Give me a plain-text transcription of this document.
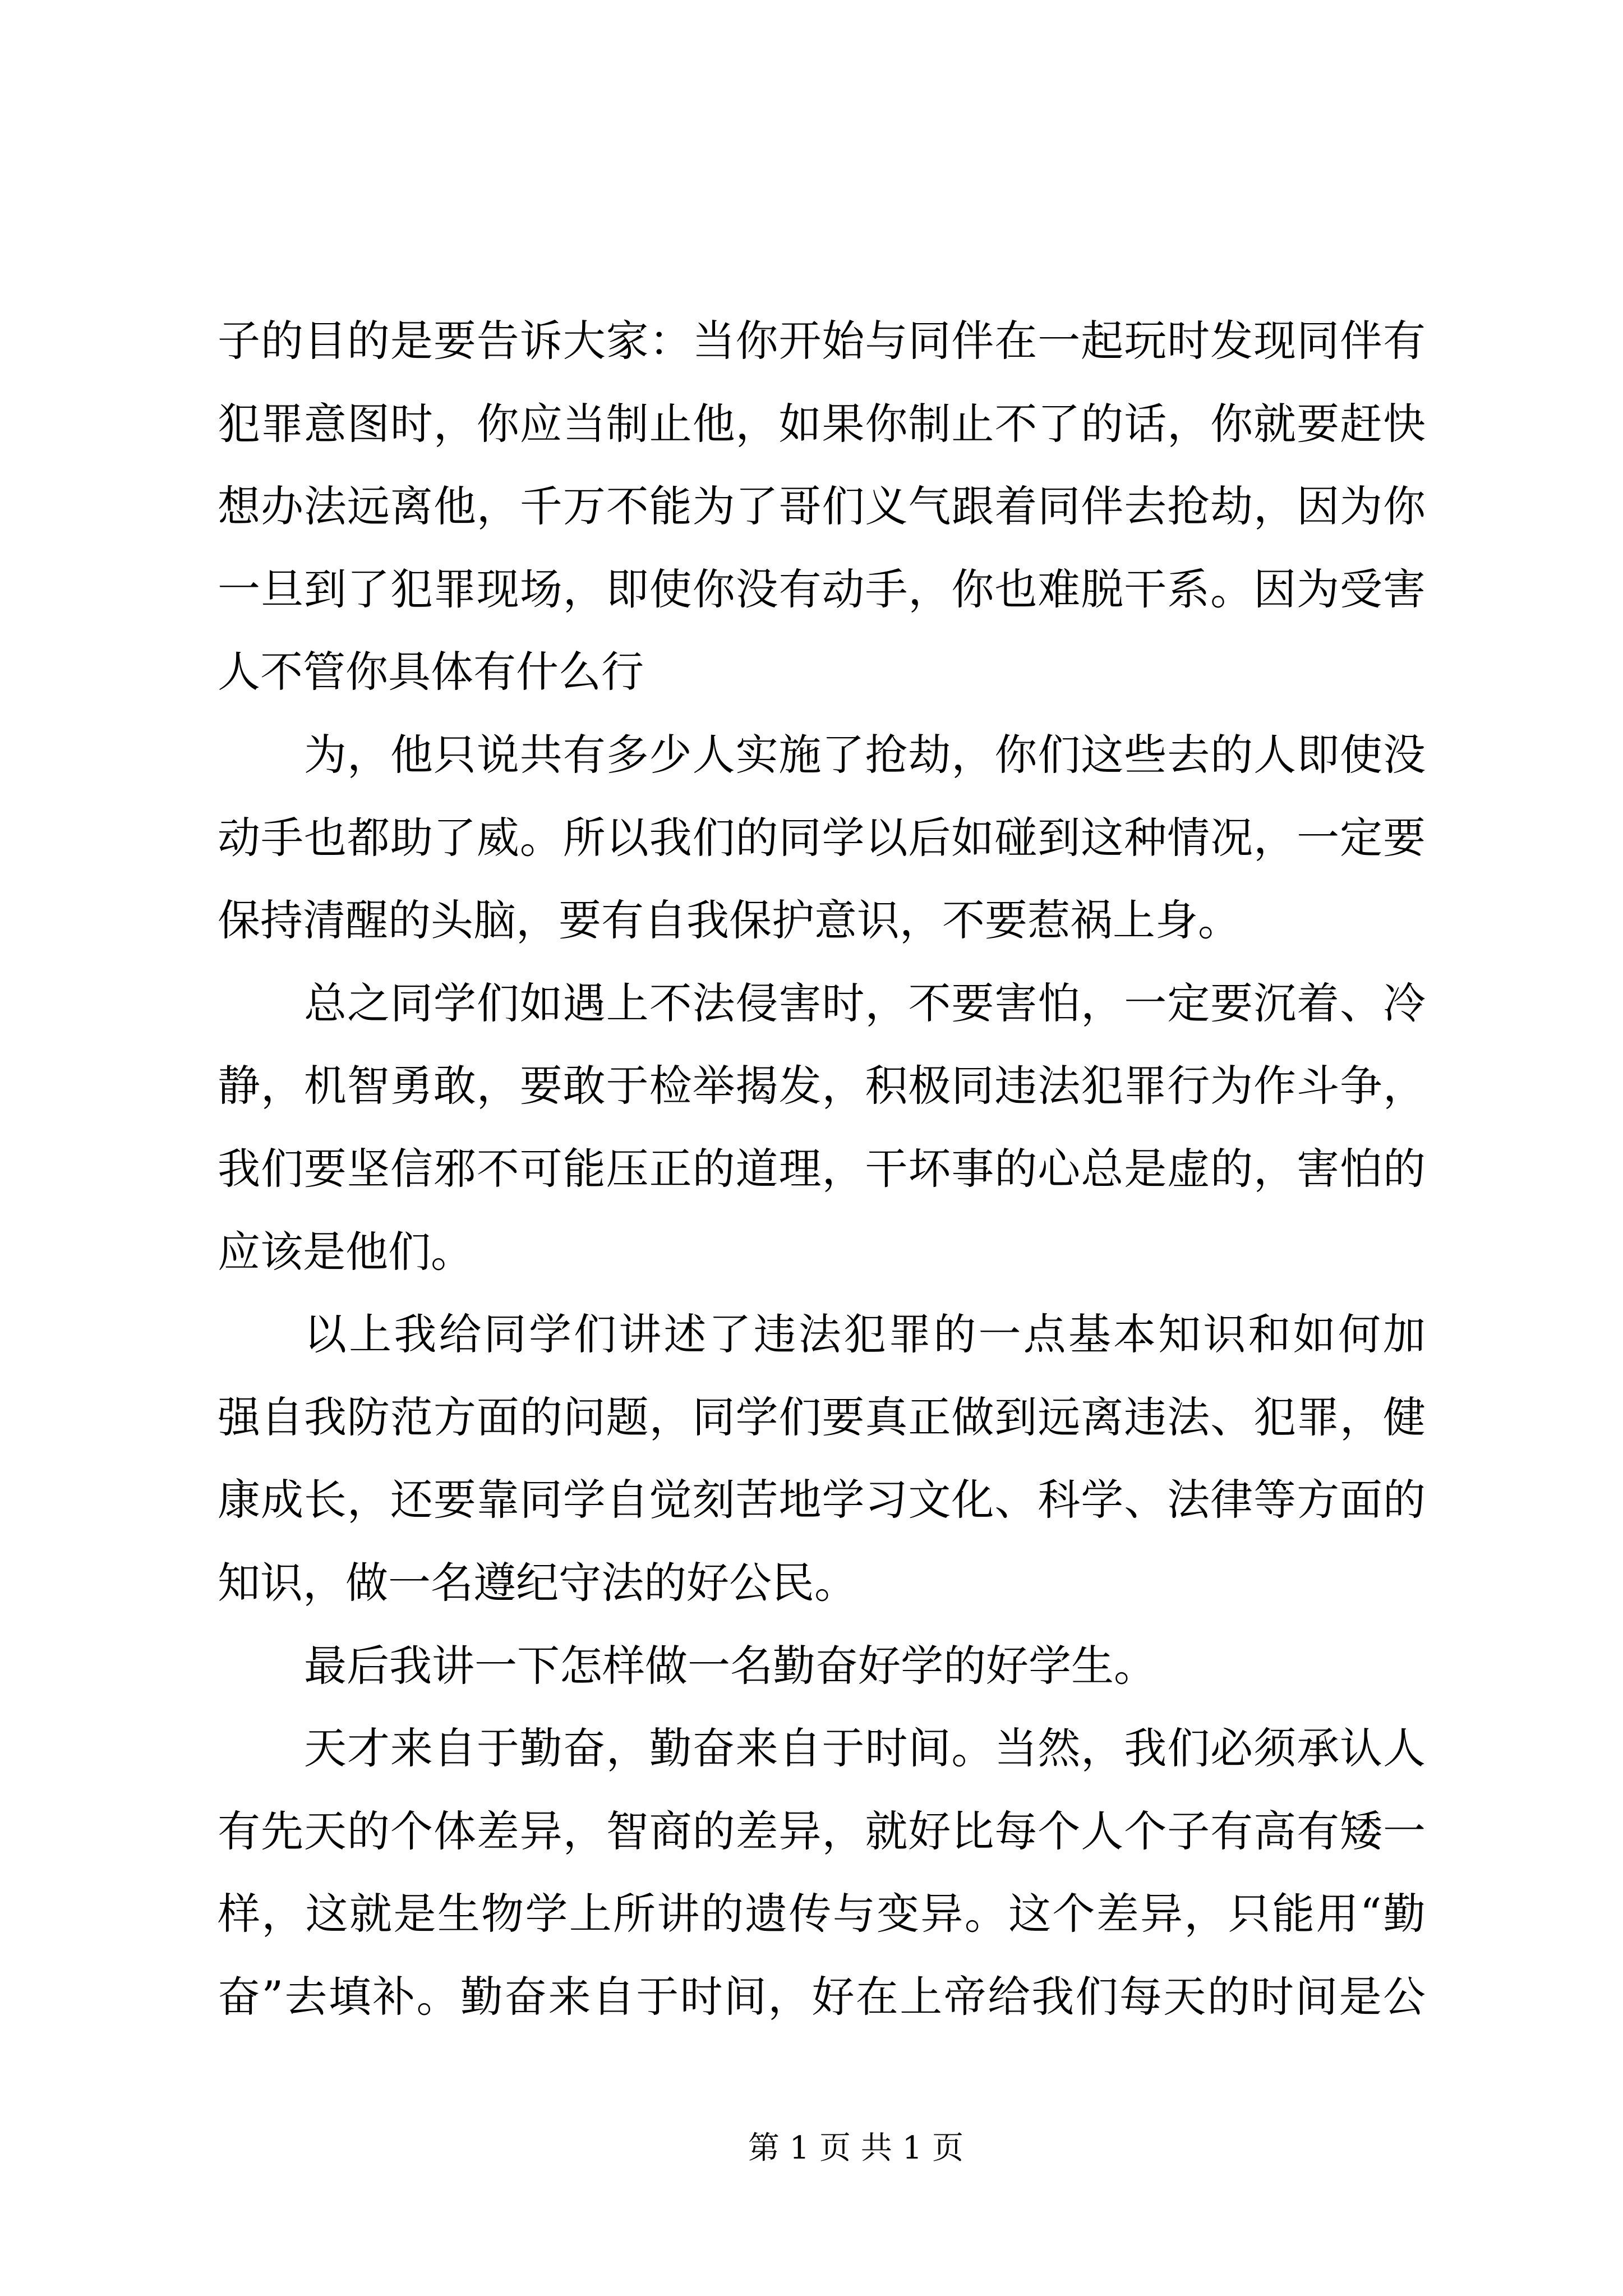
子的目的是要告诉大家：当你开始与同伴在一起玩时发现同伴有
犯罪意图时，你应当制止他，如果你制止不了的话，你就要赶快
想办法远离他，千万不能为了哥们义气跟着同伴去抢劫，因为你
一旦到了犯罪现场，即使你没有动手，你也难脱干系。因为受害
人不管你具体有什么行
为，他只说共有多少人实施了抢劫，你们这些去的人即使没
动手也都助了威。所以我们的同学以后如碰到这种情况，一定要
保持清醒的头脑，要有自我保护意识，不要惹祸上身。
总之同学们如遇上不法侵害时，不要害怕，一定要沉着、冷
静，机智勇敢，要敢于检举揭发，积极同违法犯罪行为作斗争，
我们要坚信邪不可能压正的道理，干坏事的心总是虚的，害怕的
应该是他们。
以上我给同学们讲述了违法犯罪的一点基本知识和如何加
强自我防范方面的问题，同学们要真正做到远离违法、犯罪，健
康成长，还要靠同学自觉刻苦地学习文化、科学、法律等方面的
知识，做一名遵纪守法的好公民。
最后我讲一下怎样做一名勤奋好学的好学生。
天才来自于勤奋，勤奋来自于时间。当然，我们必须承认人
有先天的个体差异，智商的差异，就好比每个人个子有高有矮一
样，这就是生物学上所讲的遗传与变异。这个差异，只能用“勤
奋”去填补。勤奋来自于时间，好在上帝给我们每天的时间是公
第 1 页 共 1 页
